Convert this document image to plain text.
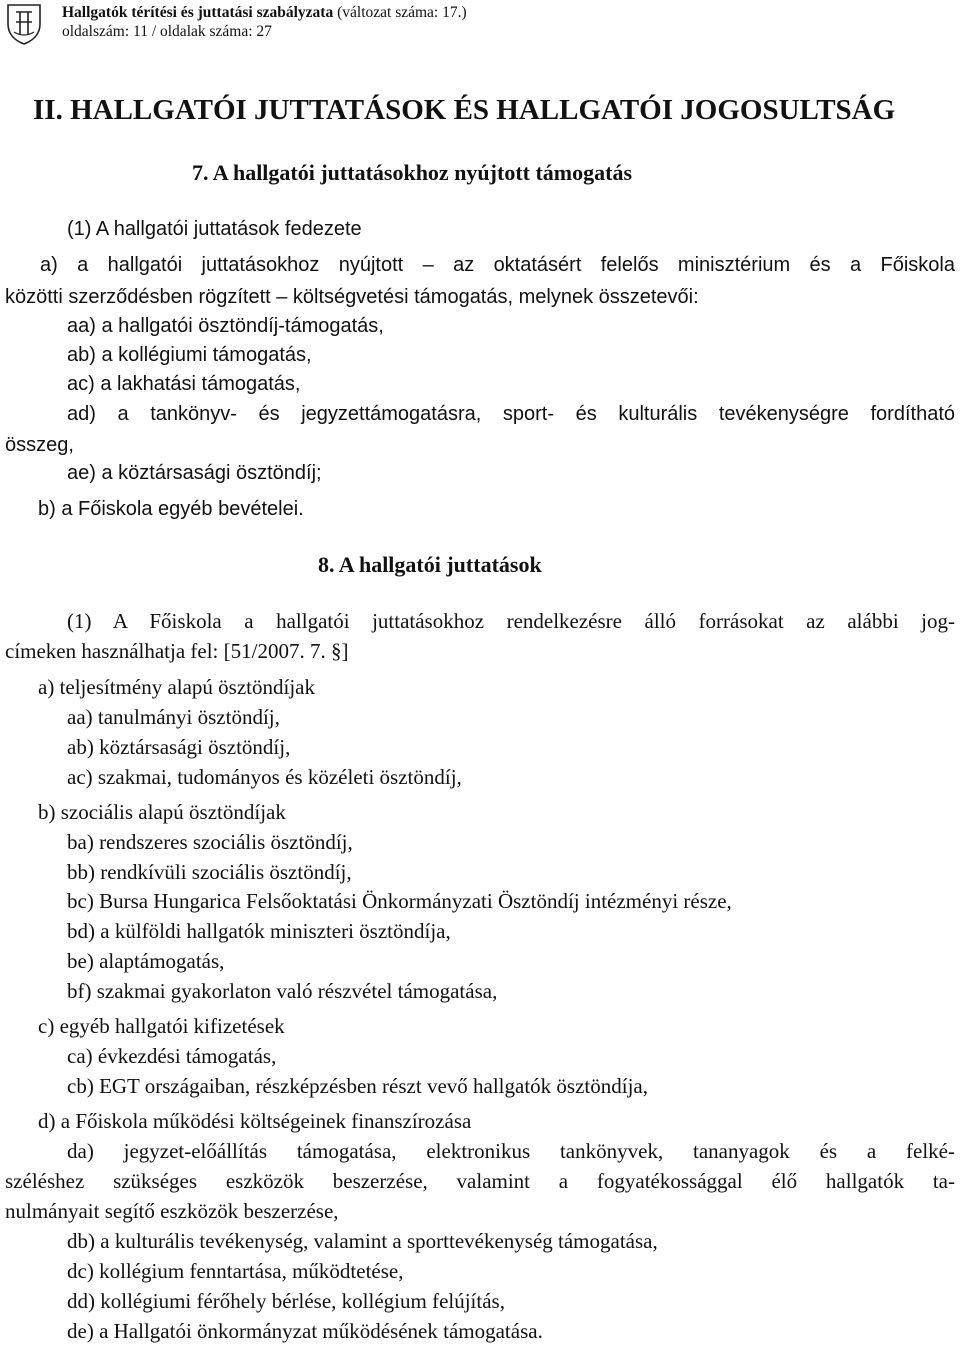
Hallgatók térítési és juttatási szabályzata (változat száma: 17.)
oldalszám: 11 / oldalak száma: 27
II. HALLGATÓI JUTTATÁSOK ÉS HALLGATÓI JOGOSULTSÁG
7. A hallgatói juttatásokhoz nyújtott támogatás
(1) A hallgatói juttatások fedezete
a) a hallgatói juttatásokhoz nyújtott – az oktatásért felelős minisztérium és a Főiskola
közötti szerződésben rögzített – költségvetési támogatás, melynek összetevői:
aa) a hallgatói ösztöndíj-támogatás,
ab) a kollégiumi támogatás,
ac) a lakhatási támogatás,
ad) a tankönyv- és jegyzettámogatásra, sport- és kulturális tevékenységre fordítható
összeg,
ae) a köztársasági ösztöndíj;
b) a Főiskola egyéb bevételei.
8. A hallgatói juttatások
(1) A Főiskola a hallgatói juttatásokhoz rendelkezésre álló forrásokat az alábbi jog-
címeken használhatja fel: [51/2007. 7. §]
a) teljesítmény alapú ösztöndíjak
aa) tanulmányi ösztöndíj,
ab) köztársasági ösztöndíj,
ac) szakmai, tudományos és közéleti ösztöndíj,
b) szociális alapú ösztöndíjak
ba) rendszeres szociális ösztöndíj,
bb) rendkívüli szociális ösztöndíj,
bc) Bursa Hungarica Felsőoktatási Önkormányzati Ösztöndíj intézményi része,
bd) a külföldi hallgatók miniszteri ösztöndíja,
be) alaptámogatás,
bf) szakmai gyakorlaton való részvétel támogatása,
c) egyéb hallgatói kifizetések
ca) évkezdési támogatás,
cb) EGT országaiban, részképzésben részt vevő hallgatók ösztöndíja,
d) a Főiskola működési költségeinek finanszírozása
da) jegyzet-előállítás támogatása, elektronikus tankönyvek, tananyagok és a felké-
széléshez szükséges eszközök beszerzése, valamint a fogyatékossággal élő hallgatók ta-
nulmányait segítő eszközök beszerzése,
db) a kulturális tevékenység, valamint a sporttevékenység támogatása,
dc) kollégium fenntartása, működtetése,
dd) kollégiumi férőhely bérlése, kollégium felújítás,
de) a Hallgatói önkormányzat működésének támogatása.
